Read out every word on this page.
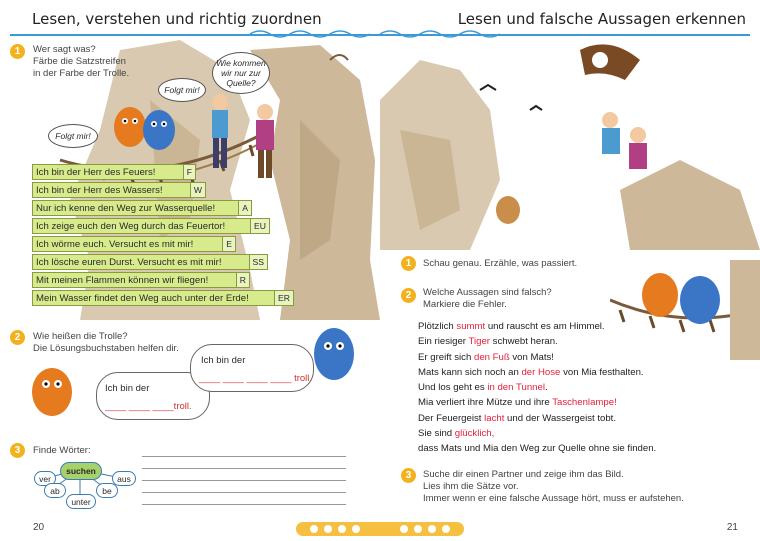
Lesen, verstehen und richtig zuordnen
1	Wer sagt was?
Färbe die Satzstreifen
in der Farbe der Trolle.
Folgt mir!
Folgt mir!
Wie kommen wir nur zur Quelle?
Ich bin der Herr des Feuers!	F
Ich bin der Herr des Wassers!	W
Nur ich kenne den Weg zur Wasserquelle!	A
Ich zeige euch den Weg durch das Feuertor!	EU
Ich wörme euch. Versucht es mit mir!	E
Ich lösche euren Durst. Versucht es mit mir!	SS
Mit meinen Flammen können wir fliegen!	R
Mein Wasser findet den Weg auch unter der Erde!	ER
2	Wie heißen die Trolle?
Die Lösungsbuchstaben helfen dir.
Ich bin der
____ ____ ____troll.
Ich bin der
____ ____ ____ ____ troll.
3	Finde Wörter:
suchen
ver
ab
unter
be
aus
20
Lesen und falsche Aussagen erkennen
1	Schau genau. Erzähle, was passiert.
2	Welche Aussagen sind falsch?
Markiere die Fehler.
Plötzlich summt und rauscht es am Himmel.
Ein riesiger Tiger schwebt heran.
Er greift sich den Fuß von Mats!
Mats kann sich noch an der Hose von Mia festhalten.
Und los geht es in den Tunnel.
Mia verliert ihre Mütze und ihre Taschenlampe!
Der Feuergeist lacht und der Wassergeist tobt.
Sie sind glücklich,
dass Mats und Mia den Weg zur Quelle ohne sie finden.
3	Suche dir einen Partner und zeige ihm das Bild.
Lies ihm die Sätze vor.
Immer wenn er eine falsche Aussage hört, muss er aufstehen.
21
